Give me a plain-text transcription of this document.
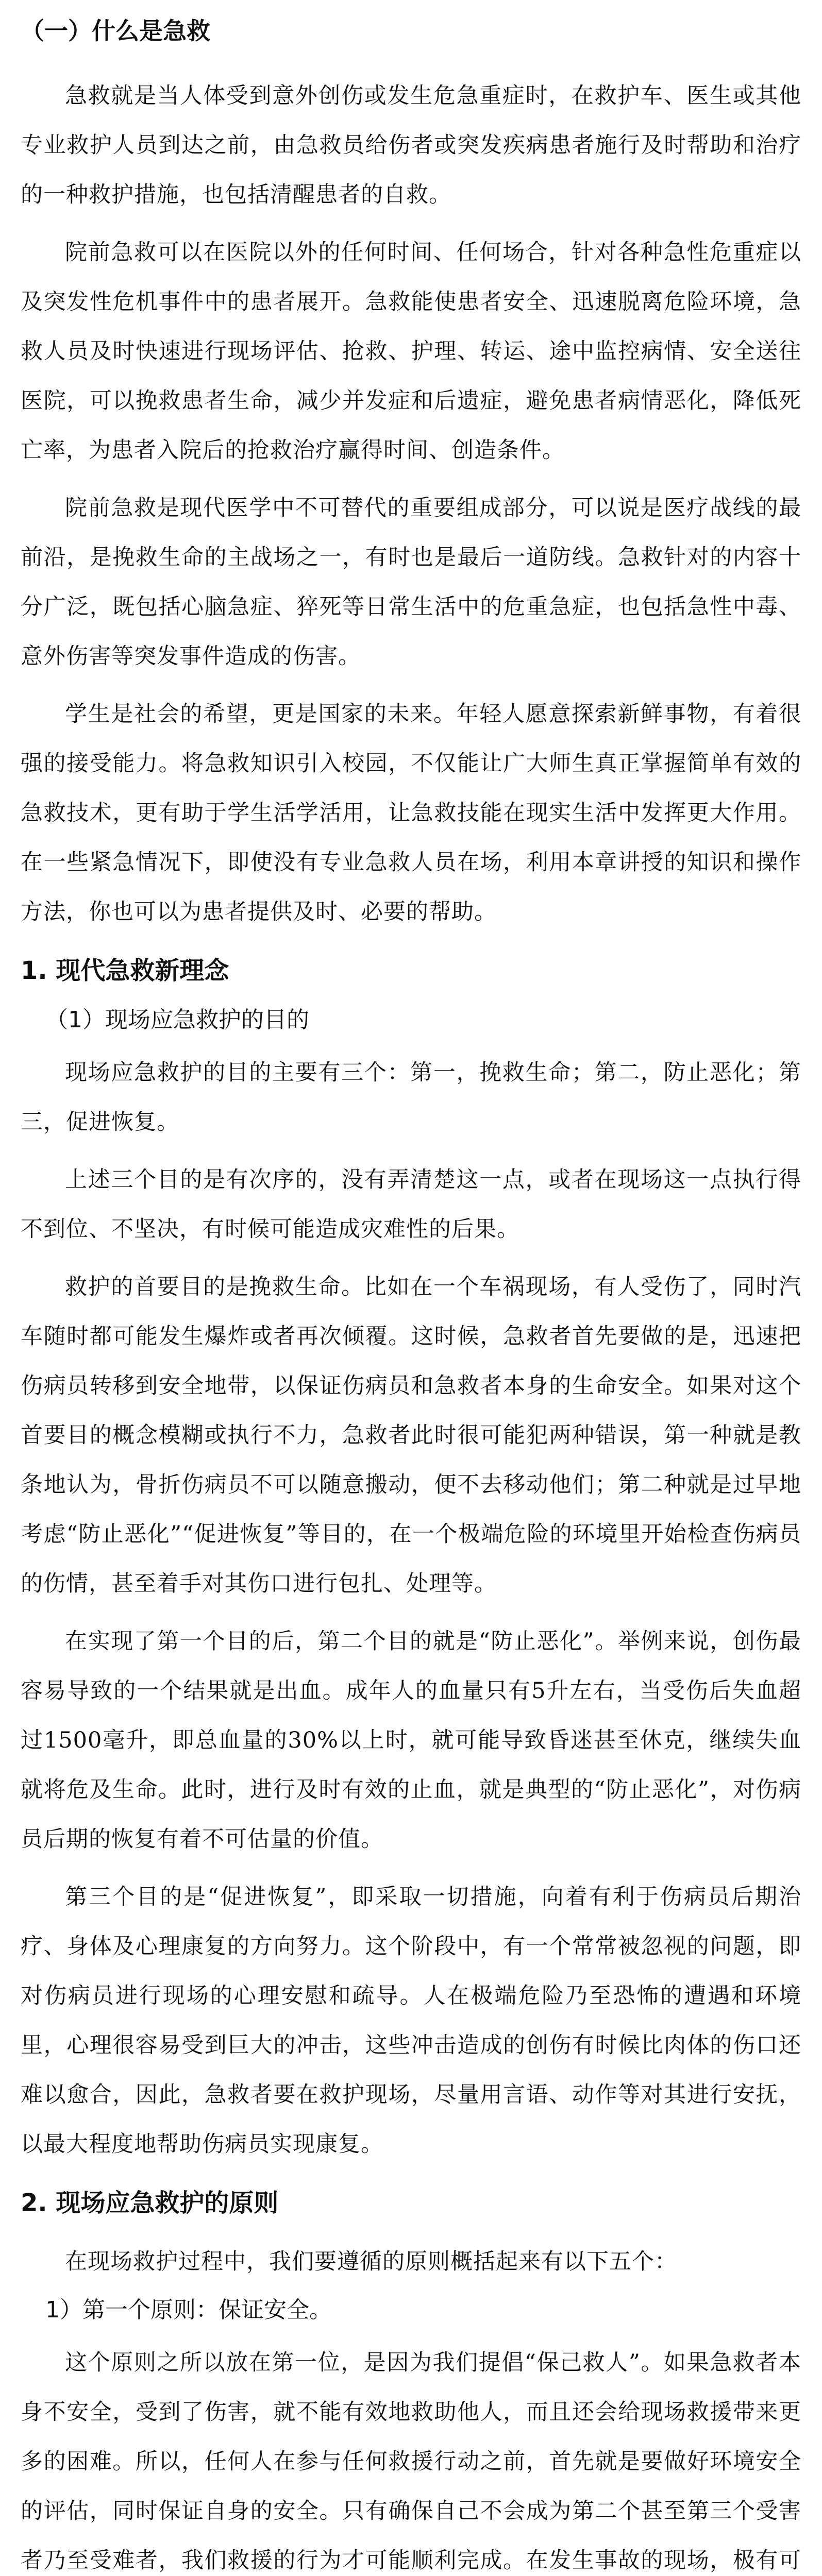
（一）什么是急救

急救就是当人体受到意外创伤或发生危急重症时，在救护车、医生或其他专业救护人员到达之前，由急救员给伤者或突发疾病患者施行及时帮助和治疗的一种救护措施，也包括清醒患者的自救。

院前急救可以在医院以外的任何时间、任何场合，针对各种急性危重症以及突发性危机事件中的患者展开。急救能使患者安全、迅速脱离危险环境，急救人员及时快速进行现场评估、抢救、护理、转运、途中监控病情、安全送往医院，可以挽救患者生命，减少并发症和后遗症，避免患者病情恶化，降低死亡率，为患者入院后的抢救治疗赢得时间、创造条件。

院前急救是现代医学中不可替代的重要组成部分，可以说是医疗战线的最前沿，是挽救生命的主战场之一，有时也是最后一道防线。急救针对的内容十分广泛，既包括心脑急症、猝死等日常生活中的危重急症，也包括急性中毒、意外伤害等突发事件造成的伤害。

学生是社会的希望，更是国家的未来。年轻人愿意探索新鲜事物，有着很强的接受能力。将急救知识引入校园，不仅能让广大师生真正掌握简单有效的急救技术，更有助于学生活学活用，让急救技能在现实生活中发挥更大作用。在一些紧急情况下，即使没有专业急救人员在场，利用本章讲授的知识和操作方法，你也可以为患者提供及时、必要的帮助。

1. 现代急救新理念
（1）现场应急救护的目的

现场应急救护的目的主要有三个：第一，挽救生命；第二，防止恶化；第三，促进恢复。

上述三个目的是有次序的，没有弄清楚这一点，或者在现场这一点执行得不到位、不坚决，有时候可能造成灾难性的后果。

救护的首要目的是挽救生命。比如在一个车祸现场，有人受伤了，同时汽车随时都可能发生爆炸或者再次倾覆。这时候，急救者首先要做的是，迅速把伤病员转移到安全地带，以保证伤病员和急救者本身的生命安全。如果对这个首要目的概念模糊或执行不力，急救者此时很可能犯两种错误，第一种就是教条地认为，骨折伤病员不可以随意搬动，便不去移动他们；第二种就是过早地考虑“防止恶化”“促进恢复”等目的，在一个极端危险的环境里开始检查伤病员的伤情，甚至着手对其伤口进行包扎、处理等。

在实现了第一个目的后，第二个目的就是“防止恶化”。举例来说，创伤最容易导致的一个结果就是出血。成年人的血量只有5升左右，当受伤后失血超过1500毫升，即总血量的30%以上时，就可能导致昏迷甚至休克，继续失血就将危及生命。此时，进行及时有效的止血，就是典型的“防止恶化”，对伤病员后期的恢复有着不可估量的价值。

第三个目的是“促进恢复”，即采取一切措施，向着有利于伤病员后期治疗、身体及心理康复的方向努力。这个阶段中，有一个常常被忽视的问题，即对伤病员进行现场的心理安慰和疏导。人在极端危险乃至恐怖的遭遇和环境里，心理很容易受到巨大的冲击，这些冲击造成的创伤有时候比肉体的伤口还难以愈合，因此，急救者要在救护现场，尽量用言语、动作等对其进行安抚，以最大程度地帮助伤病员实现康复。

2. 现场应急救护的原则

在现场救护过程中，我们要遵循的原则概括起来有以下五个：

1）第一个原则：保证安全。

这个原则之所以放在第一位，是因为我们提倡“保己救人”。如果急救者本身不安全，受到了伤害，就不能有效地救助他人，而且还会给现场救援带来更多的困难。所以，任何人在参与任何救援行动之前，首先就是要做好环境安全的评估，同时保证自身的安全。只有确保自己不会成为第二个甚至第三个受害者乃至受难者，我们救援的行为才可能顺利完成。在发生事故的现场，极有可
